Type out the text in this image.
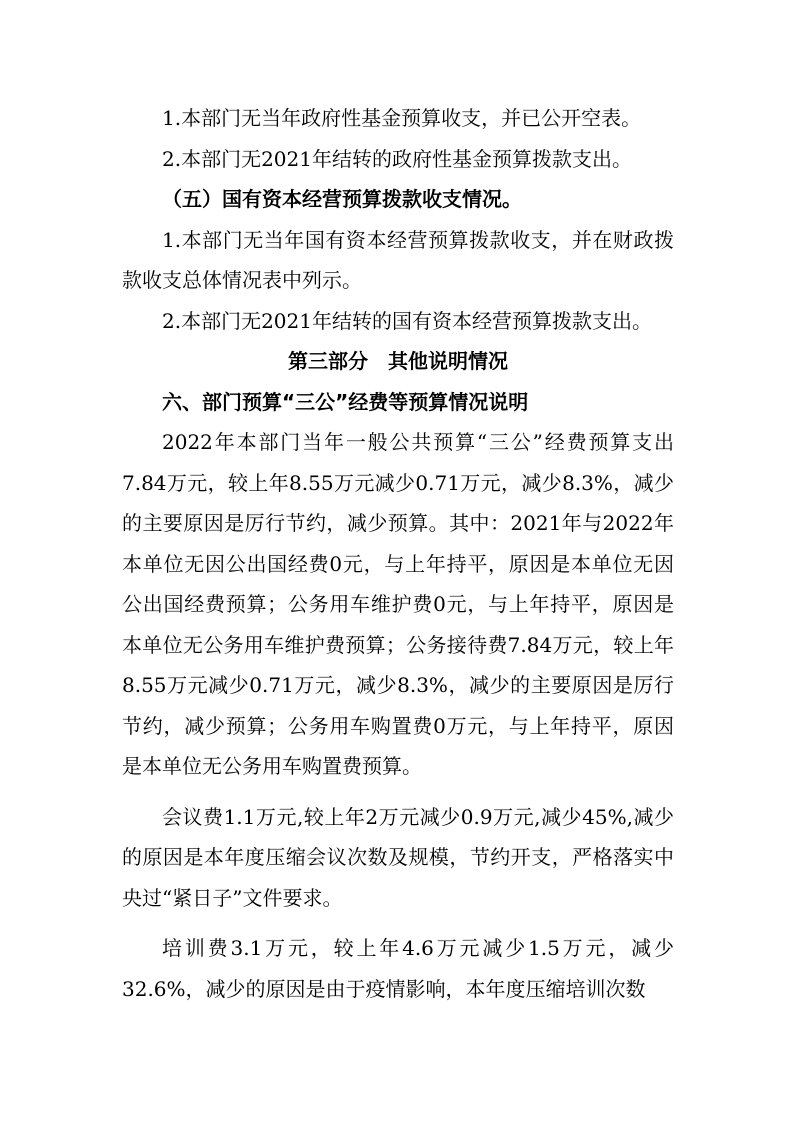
1.本部门无当年政府性基金预算收支，并已公开空表。

2.本部门无2021年结转的政府性基金预算拨款支出。

（五）国有资本经营预算拨款收支情况。

1.本部门无当年国有资本经营预算拨款收支，并在财政拨款收支总体情况表中列示。

2.本部门无2021年结转的国有资本经营预算拨款支出。

第三部分　其他说明情况

六、部门预算“三公”经费等预算情况说明

2022年本部门当年一般公共预算“三公”经费预算支出7.84万元，较上年8.55万元减少0.71万元，减少8.3%，减少的主要原因是厉行节约，减少预算。其中：2021年与2022年本单位无因公出国经费0元，与上年持平，原因是本单位无因公出国经费预算；公务用车维护费0元，与上年持平，原因是本单位无公务用车维护费预算；公务接待费7.84万元，较上年8.55万元减少0.71万元，减少8.3%，减少的主要原因是厉行节约，减少预算；公务用车购置费0万元，与上年持平，原因是本单位无公务用车购置费预算。

会议费1.1万元,较上年2万元减少0.9万元,减少45%,减少的原因是本年度压缩会议次数及规模，节约开支，严格落实中央过“紧日子”文件要求。

培训费3.1万元，较上年4.6万元减少1.5万元，减少32.6%，减少的原因是由于疫情影响，本年度压缩培训次数
